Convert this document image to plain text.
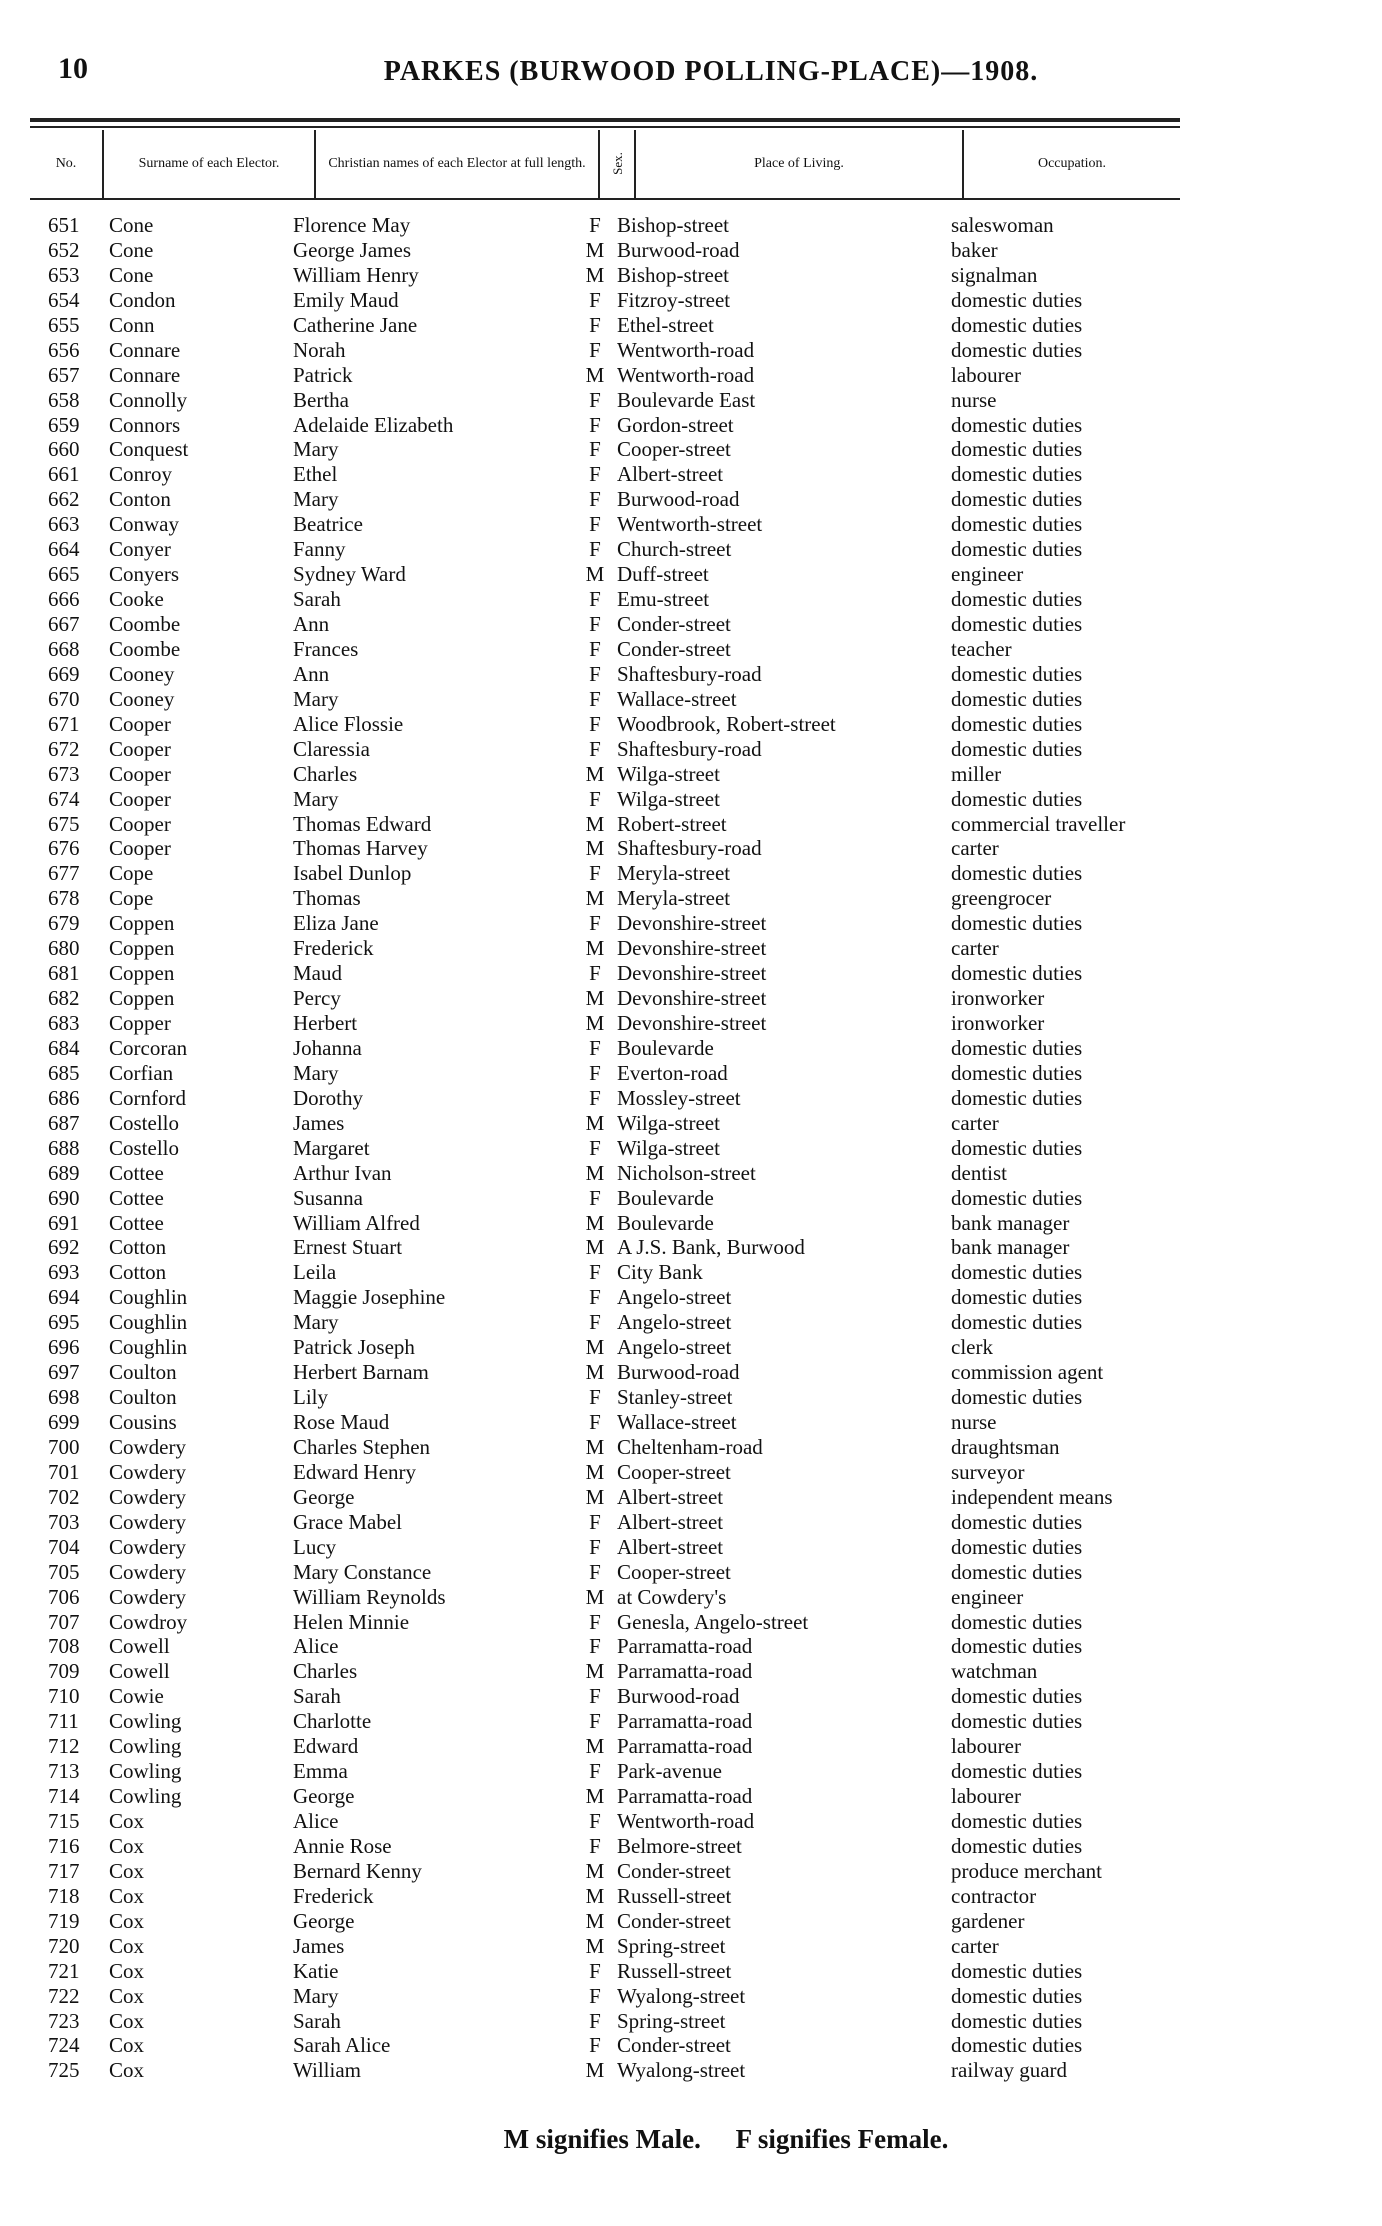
10	PARKES (BURWOOD POLLING-PLACE)—1908.
No.	Surname of each Elector.	Christian names of each Elector at full length.	Sex.	Place of Living.	Occupation.
651 Cone	Florence May	F Bishop-street	saleswoman
652 Cone	George James	M Burwood-road	baker
653 Cone	William Henry	M Bishop-street	signalman
654 Condon	Emily Maud	F Fitzroy-street	domestic duties
655 Conn	Catherine Jane	F Ethel-street	domestic duties
656 Connare	Norah	F Wentworth-road	domestic duties
657 Connare	Patrick	M Wentworth-road	labourer
658 Connolly	Bertha	F Boulevarde East	nurse
659 Connors	Adelaide Elizabeth	F Gordon-street	domestic duties
660 Conquest	Mary	F Cooper-street	domestic duties
661 Conroy	Ethel	F Albert-street	domestic duties
662 Conton	Mary	F Burwood-road	domestic duties
663 Conway	Beatrice	F Wentworth-street	domestic duties
664 Conyer	Fanny	F Church-street	domestic duties
665 Conyers	Sydney Ward	M Duff-street	engineer
666 Cooke	Sarah	F Emu-street	domestic duties
667 Coombe	Ann	F Conder-street	domestic duties
668 Coombe	Frances	F Conder-street	teacher
669 Cooney	Ann	F Shaftesbury-road	domestic duties
670 Cooney	Mary	F Wallace-street	domestic duties
671 Cooper	Alice Flossie	F Woodbrook, Robert-street	domestic duties
672 Cooper	Claressia	F Shaftesbury-road	domestic duties
673 Cooper	Charles	M Wilga-street	miller
674 Cooper	Mary	F Wilga-street	domestic duties
675 Cooper	Thomas Edward	M Robert-street	commercial traveller
676 Cooper	Thomas Harvey	M Shaftesbury-road	carter
677 Cope	Isabel Dunlop	F Meryla-street	domestic duties
678 Cope	Thomas	M Meryla-street	greengrocer
679 Coppen	Eliza Jane	F Devonshire-street	domestic duties
680 Coppen	Frederick	M Devonshire-street	carter
681 Coppen	Maud	F Devonshire-street	domestic duties
682 Coppen	Percy	M Devonshire-street	ironworker
683 Copper	Herbert	M Devonshire-street	ironworker
684 Corcoran	Johanna	F Boulevarde	domestic duties
685 Corfian	Mary	F Everton-road	domestic duties
686 Cornford	Dorothy	F Mossley-street	domestic duties
687 Costello	James	M Wilga-street	carter
688 Costello	Margaret	F Wilga-street	domestic duties
689 Cottee	Arthur Ivan	M Nicholson-street	dentist
690 Cottee	Susanna	F Boulevarde	domestic duties
691 Cottee	William Alfred	M Boulevarde	bank manager
692 Cotton	Ernest Stuart	M A J.S. Bank, Burwood	bank manager
693 Cotton	Leila	F City Bank	domestic duties
694 Coughlin	Maggie Josephine	F Angelo-street	domestic duties
695 Coughlin	Mary	F Angelo-street	domestic duties
696 Coughlin	Patrick Joseph	M Angelo-street	clerk
697 Coulton	Herbert Barnam	M Burwood-road	commission agent
698 Coulton	Lily	F Stanley-street	domestic duties
699 Cousins	Rose Maud	F Wallace-street	nurse
700 Cowdery	Charles Stephen	M Cheltenham-road	draughtsman
701 Cowdery	Edward Henry	M Cooper-street	surveyor
702 Cowdery	George	M Albert-street	independent means
703 Cowdery	Grace Mabel	F Albert-street	domestic duties
704 Cowdery	Lucy	F Albert-street	domestic duties
705 Cowdery	Mary Constance	F Cooper-street	domestic duties
706 Cowdery	William Reynolds	M at Cowdery's	engineer
707 Cowdroy	Helen Minnie	F Genesla, Angelo-street	domestic duties
708 Cowell	Alice	F Parramatta-road	domestic duties
709 Cowell	Charles	M Parramatta-road	watchman
710 Cowie	Sarah	F Burwood-road	domestic duties
711 Cowling	Charlotte	F Parramatta-road	domestic duties
712 Cowling	Edward	M Parramatta-road	labourer
713 Cowling	Emma	F Park-avenue	domestic duties
714 Cowling	George	M Parramatta-road	labourer
715 Cox	Alice	F Wentworth-road	domestic duties
716 Cox	Annie Rose	F Belmore-street	domestic duties
717 Cox	Bernard Kenny	M Conder-street	produce merchant
718 Cox	Frederick	M Russell-street	contractor
719 Cox	George	M Conder-street	gardener
720 Cox	James	M Spring-street	carter
721 Cox	Katie	F Russell-street	domestic duties
722 Cox	Mary	F Wyalong-street	domestic duties
723 Cox	Sarah	F Spring-street	domestic duties
724 Cox	Sarah Alice	F Conder-street	domestic duties
725 Cox	William	M Wyalong-street	railway guard
M signifies Male. F signifies Female.
